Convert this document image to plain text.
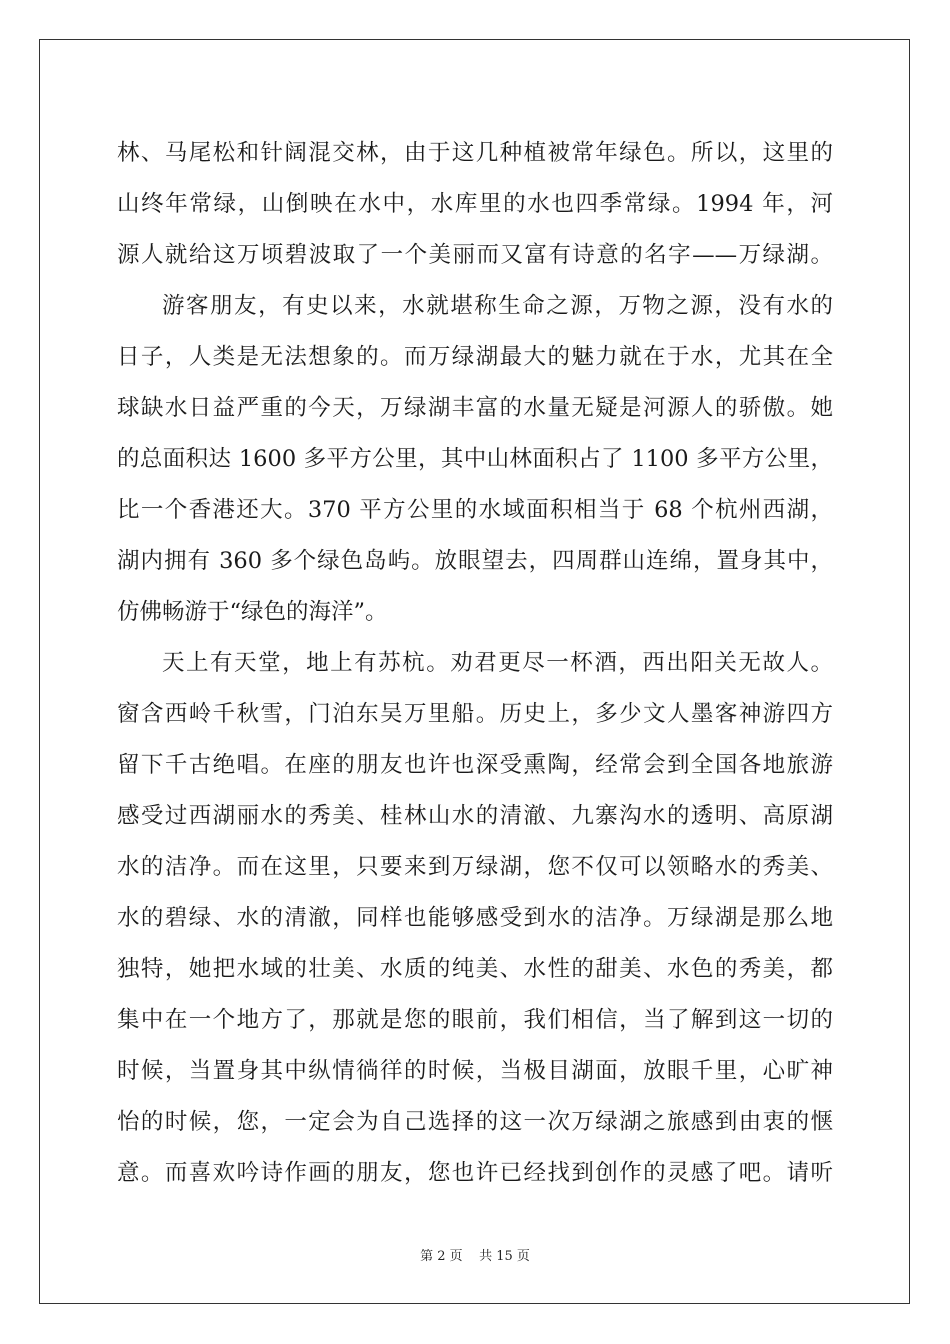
林、马尾松和针阔混交林，由于这几种植被常年绿色。所以，这里的
山终年常绿，山倒映在水中，水库里的水也四季常绿。1994 年，河
源人就给这万顷碧波取了一个美丽而又富有诗意的名字——万绿湖。
游客朋友，有史以来，水就堪称生命之源，万物之源，没有水的
日子，人类是无法想象的。而万绿湖最大的魅力就在于水，尤其在全
球缺水日益严重的今天，万绿湖丰富的水量无疑是河源人的骄傲。她
的总面积达 1600 多平方公里，其中山林面积占了 1100 多平方公里，
比一个香港还大。370 平方公里的水域面积相当于 68 个杭州西湖，
湖内拥有 360 多个绿色岛屿。放眼望去，四周群山连绵，置身其中，
仿佛畅游于“绿色的海洋”。
天上有天堂，地上有苏杭。劝君更尽一杯酒，西出阳关无故人。
窗含西岭千秋雪，门泊东吴万里船。历史上，多少文人墨客神游四方
留下千古绝唱。在座的朋友也许也深受熏陶，经常会到全国各地旅游
感受过西湖丽水的秀美、桂林山水的清澈、九寨沟水的透明、高原湖
水的洁净。而在这里，只要来到万绿湖，您不仅可以领略水的秀美、
水的碧绿、水的清澈，同样也能够感受到水的洁净。万绿湖是那么地
独特，她把水域的壮美、水质的纯美、水性的甜美、水色的秀美，都
集中在一个地方了，那就是您的眼前，我们相信，当了解到这一切的
时候，当置身其中纵情徜徉的时候，当极目湖面，放眼千里，心旷神
怡的时候，您，一定会为自己选择的这一次万绿湖之旅感到由衷的惬
意。而喜欢吟诗作画的朋友，您也许已经找到创作的灵感了吧。请听
第 2 页    共 15 页
